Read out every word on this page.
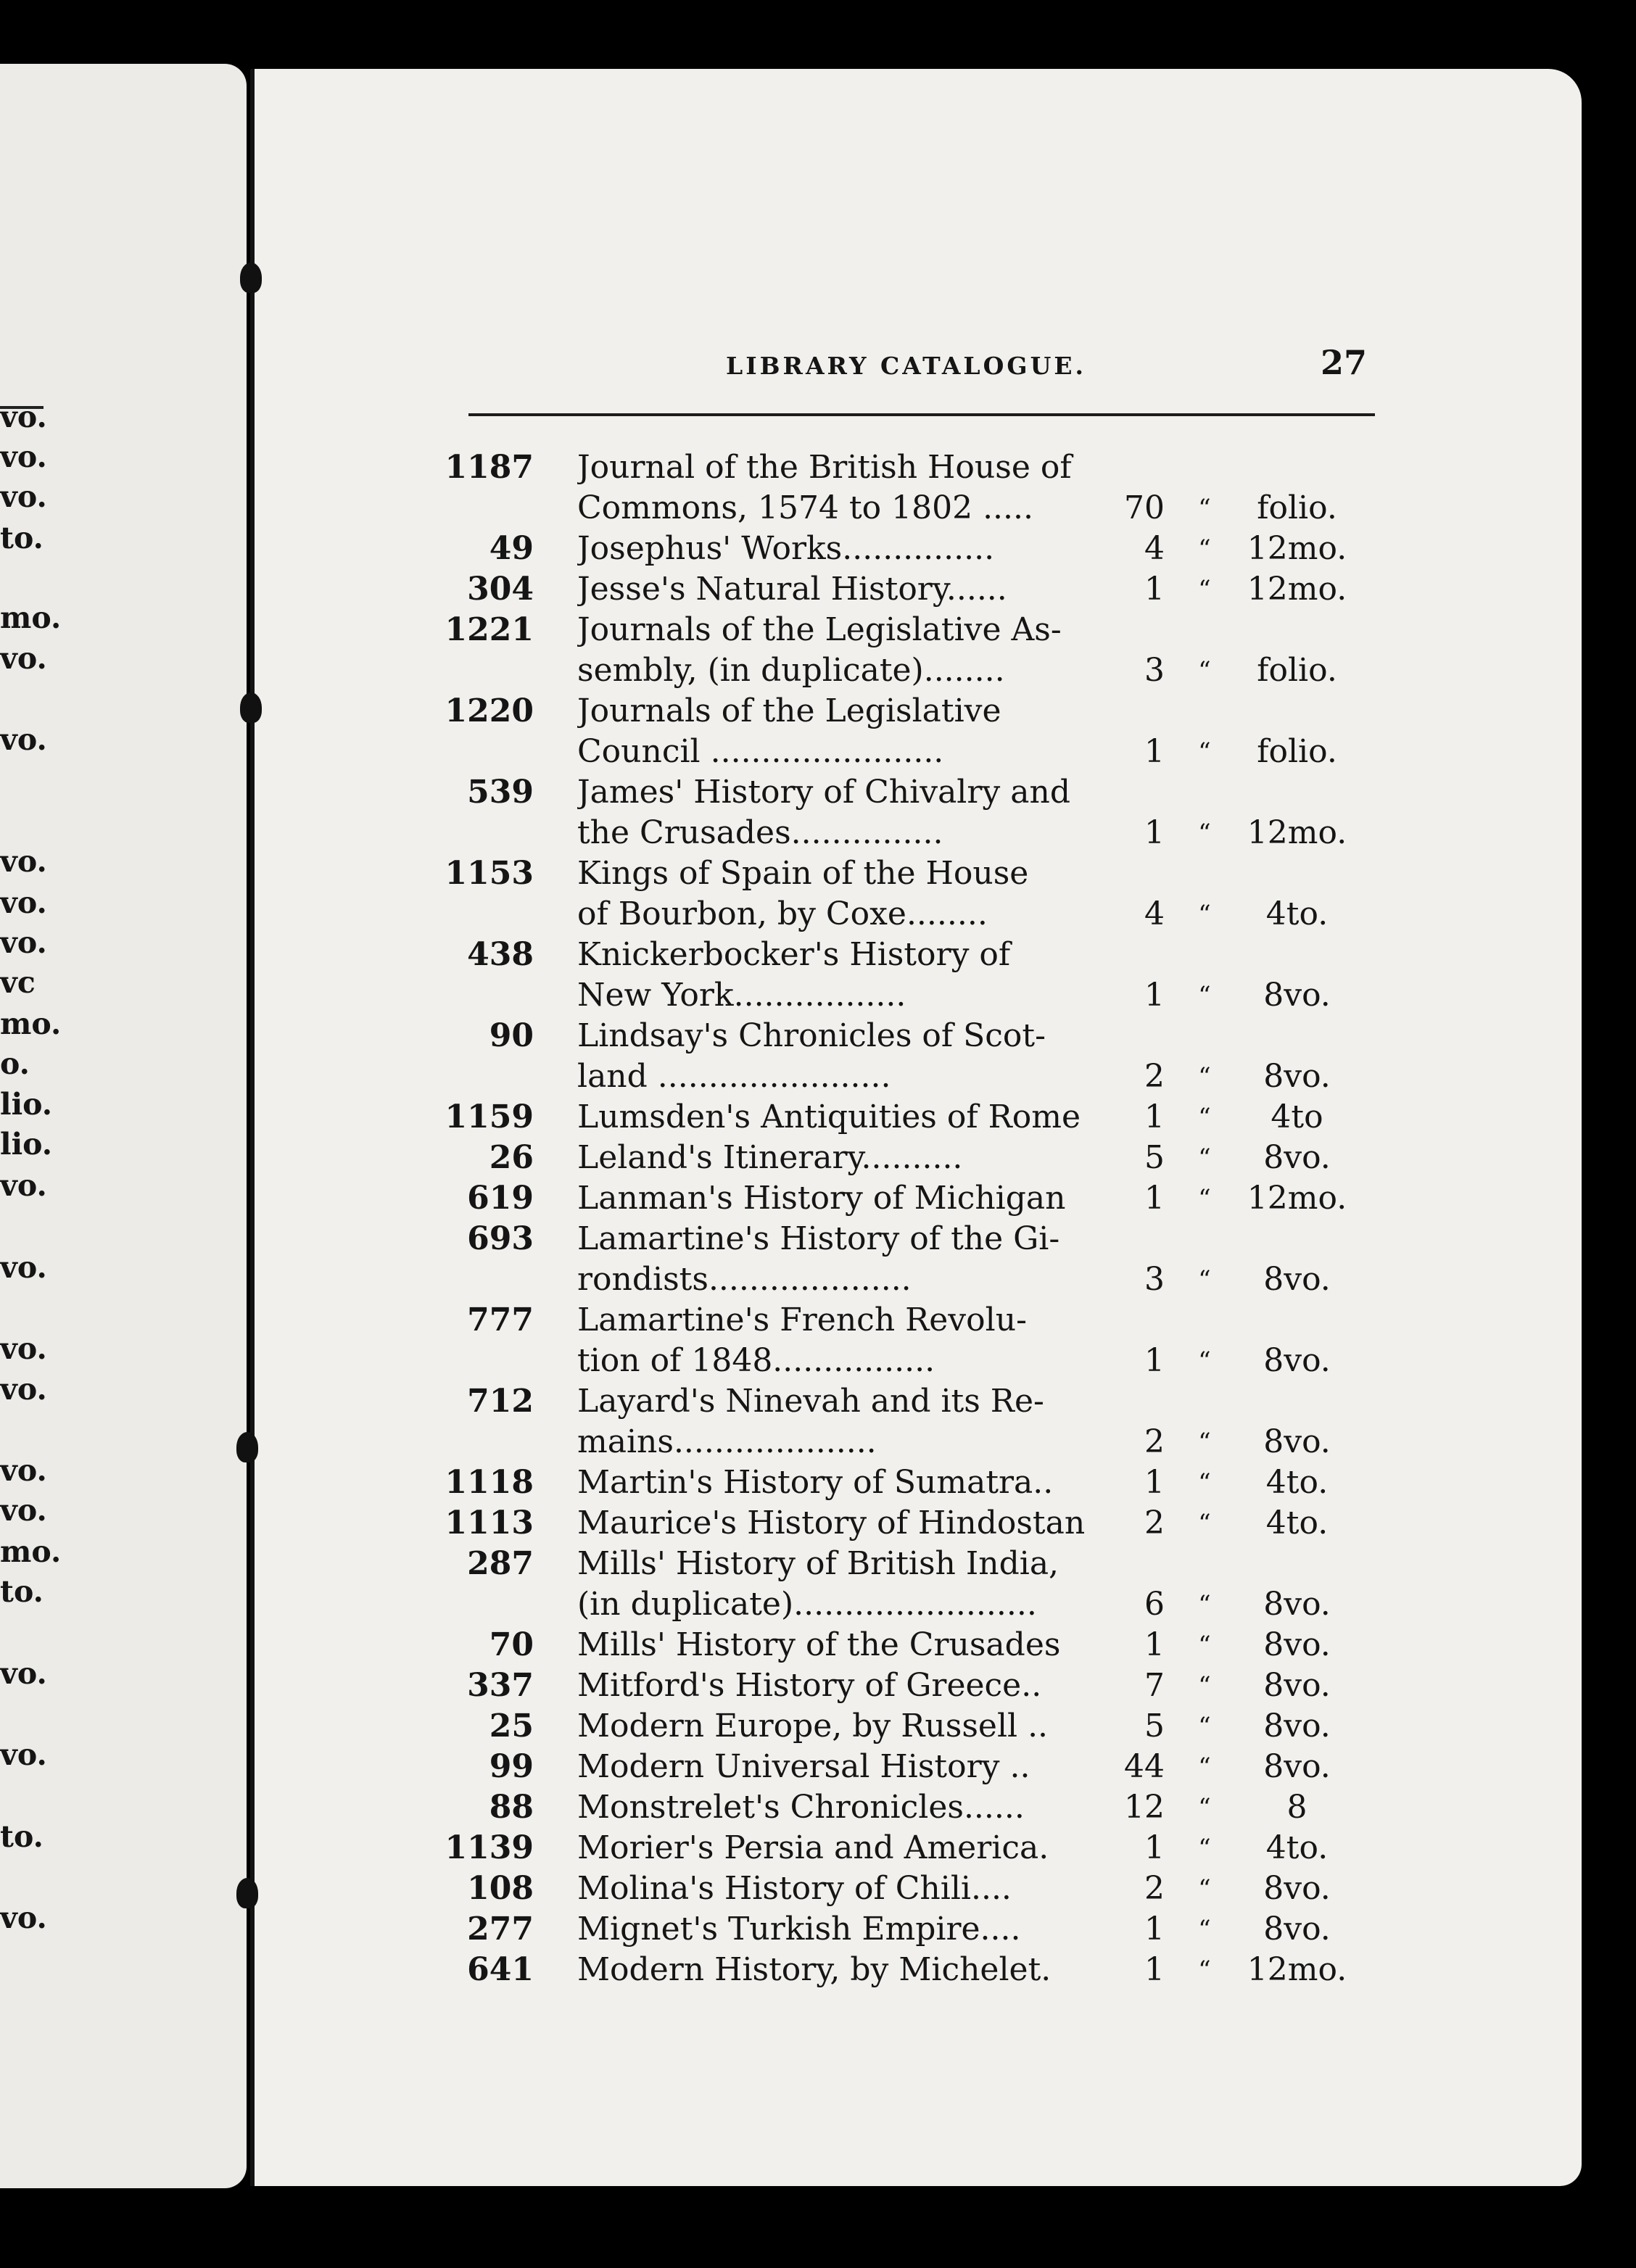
vo.
vo.
vo.
to.
mo.
vo.
vo.
vo.
vo.
vo.
vc
mo.
o.
lio.
lio.
vo.
vo.
vo.
vo.
vo.
vo.
mo.
to.
vo.
vo.
to.
vo.
LIBRARY CATALOGUE.	27
1187 Journal of the British House of
Commons, 1574 to 1802 .....	70	“	folio.
49 Josephus' Works...............	4	“	12mo.
304 Jesse's Natural History......	1	“	12mo.
1221 Journals of the Legislative As-
sembly, (in duplicate)........	3	“	folio.
1220 Journals of the Legislative
Council .......................	1	“	folio.
539 James' History of Chivalry and
the Crusades...............	1	“	12mo.
1153 Kings of Spain of the House
of Bourbon, by Coxe........	4	“	4to.
438 Knickerbocker's History of
New York.................	1	“	8vo.
90 Lindsay's Chronicles of Scot-
land .......................	2	“	8vo.
1159 Lumsden's Antiquities of Rome	1	“	4to
26 Leland's Itinerary..........	5	“	8vo.
619 Lanman's History of Michigan	1	“	12mo.
693 Lamartine's History of the Gi-
rondists....................	3	“	8vo.
777 Lamartine's French Revolu-
tion of 1848................	1	“	8vo.
712 Layard's Ninevah and its Re-
mains....................	2	“	8vo.
1118 Martin's History of Sumatra..	1	“	4to.
1113 Maurice's History of Hindostan	2	“	4to.
287 Mills' History of British India,
(in duplicate)........................	6	“	8vo.
70 Mills' History of the Crusades	1	“	8vo.
337 Mitford's History of Greece..	7	“	8vo.
25 Modern Europe, by Russell ..	5	“	8vo.
99 Modern Universal History ..	44	“	8vo.
88 Monstrelet's Chronicles......	12	“	8
1139 Morier's Persia and America.	1	“	4to.
108 Molina's History of Chili....	2	“	8vo.
277 Mignet's Turkish Empire....	1	“	8vo.
641 Modern History, by Michelet.	1	“	12mo.
